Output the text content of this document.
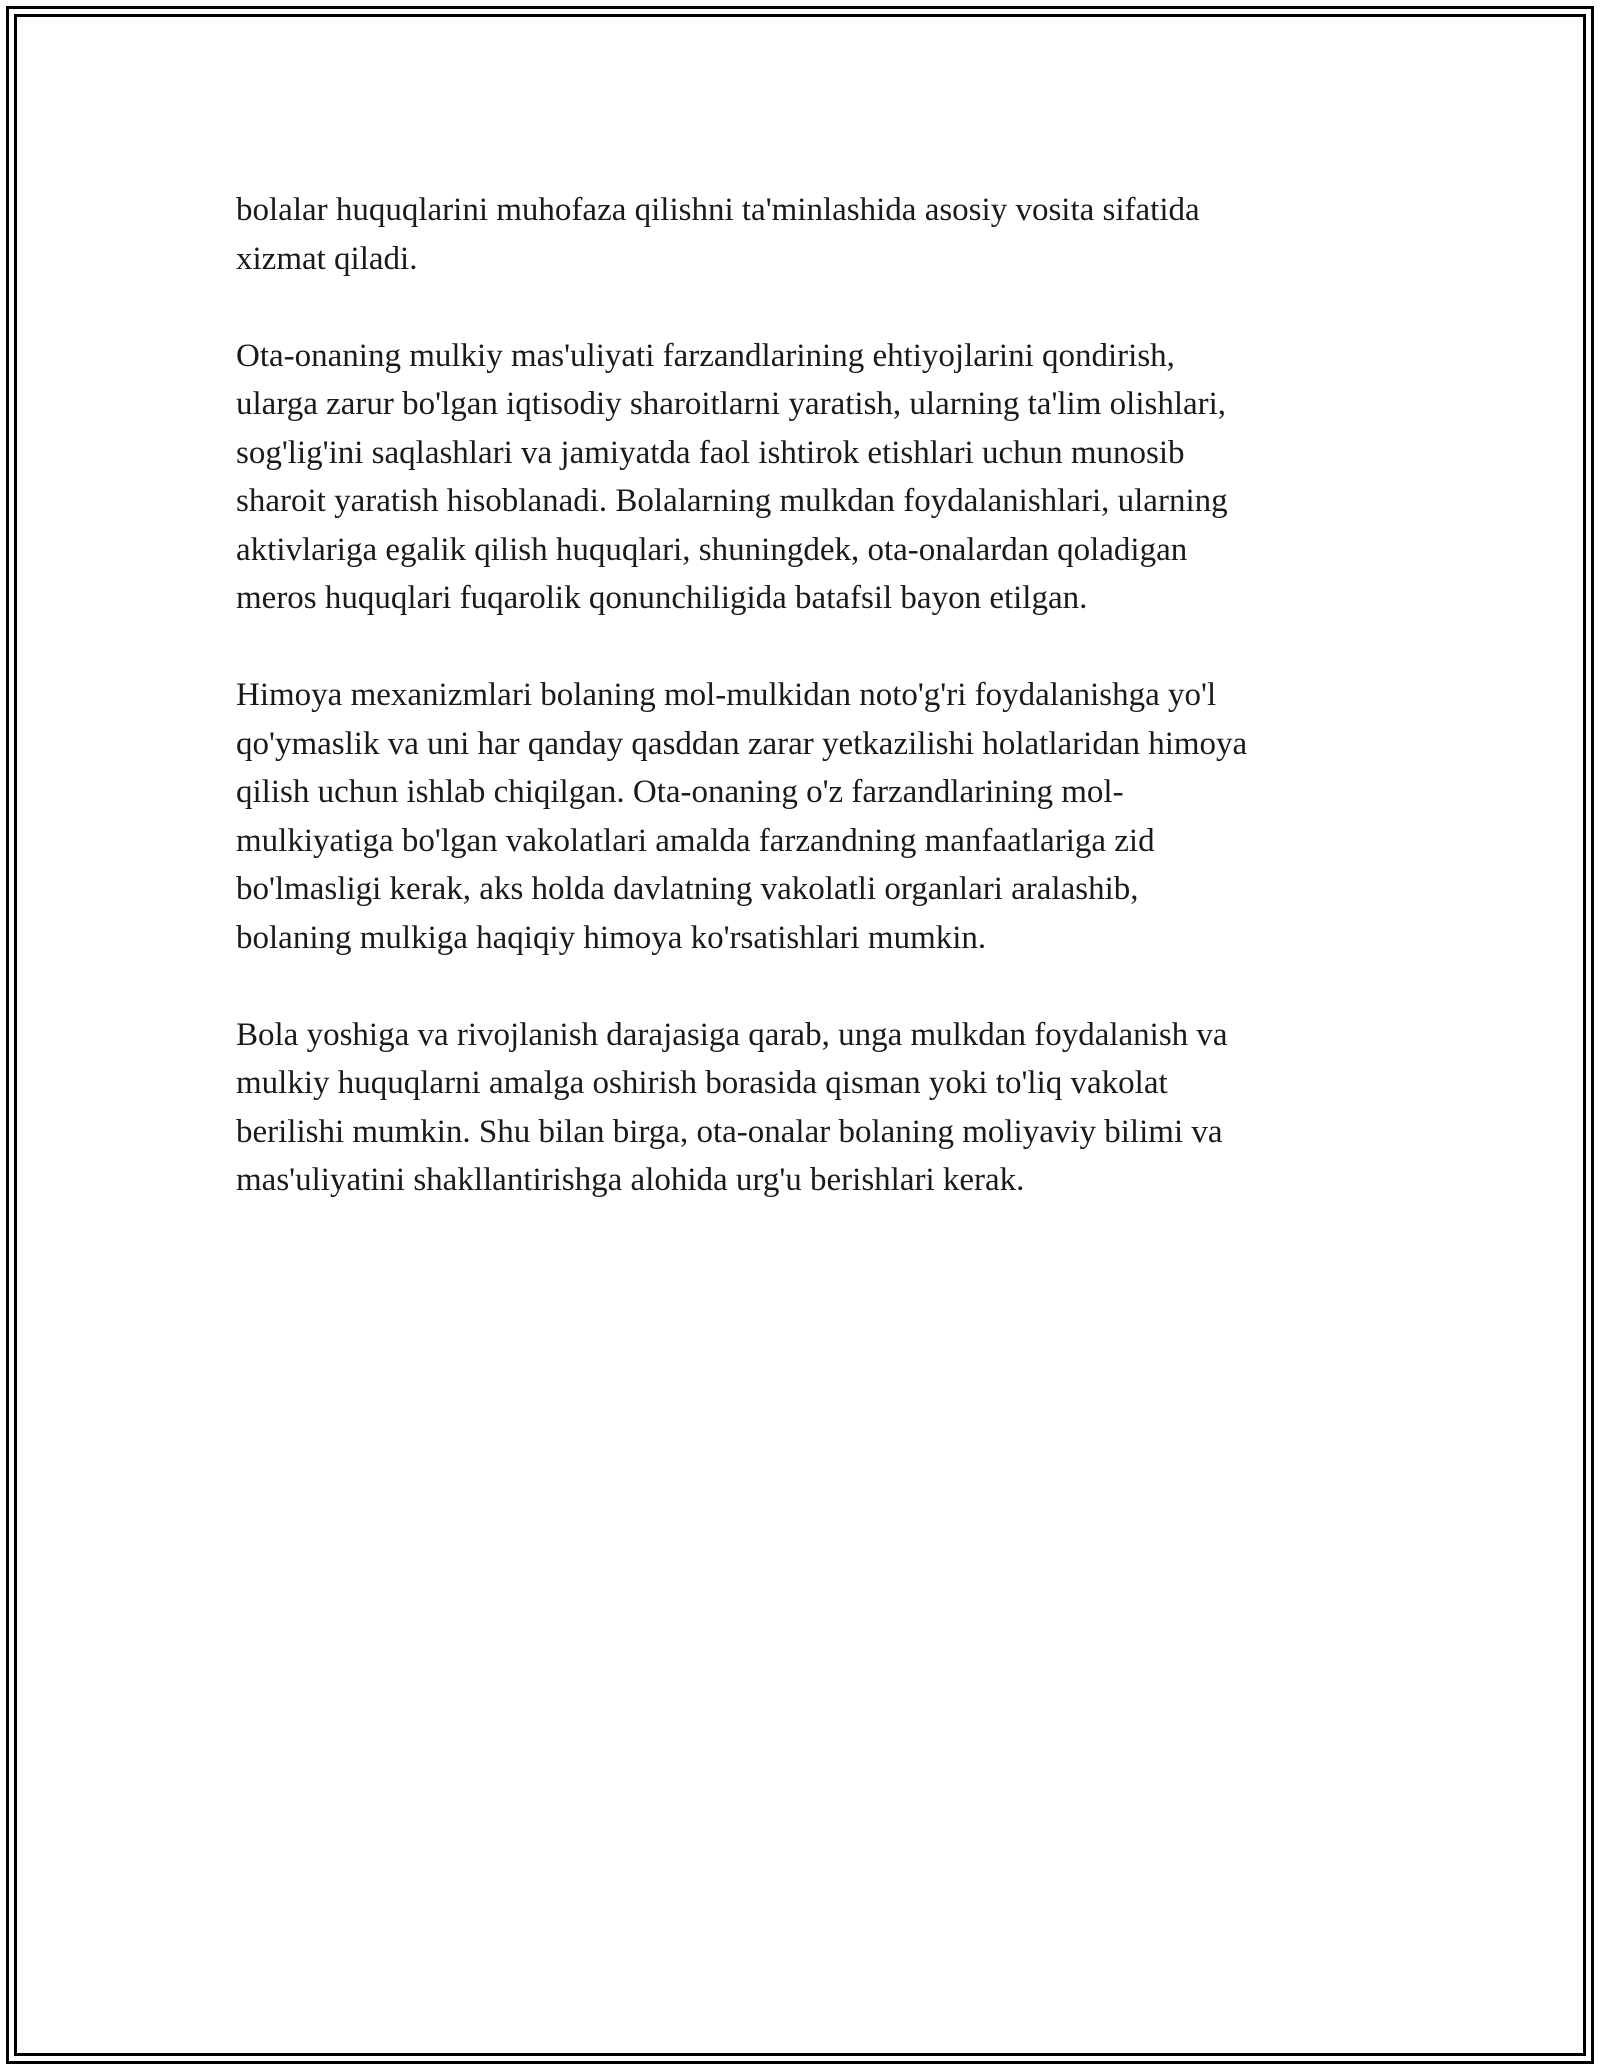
bolalar huquqlarini muhofaza qilishni ta'minlashida asosiy vosita sifatida
xizmat qiladi.

Ota-onaning mulkiy mas'uliyati farzandlarining ehtiyojlarini qondirish,
ularga zarur bo'lgan iqtisodiy sharoitlarni yaratish, ularning ta'lim olishlari,
sog'lig'ini saqlashlari va jamiyatda faol ishtirok etishlari uchun munosib
sharoit yaratish hisoblanadi. Bolalarning mulkdan foydalanishlari, ularning
aktivlariga egalik qilish huquqlari, shuningdek, ota-onalardan qoladigan
meros huquqlari fuqarolik qonunchiligida batafsil bayon etilgan.

Himoya mexanizmlari bolaning mol-mulkidan noto'g'ri foydalanishga yo'l
qo'ymaslik va uni har qanday qasddan zarar yetkazilishi holatlaridan himoya
qilish uchun ishlab chiqilgan. Ota-onaning o'z farzandlarining mol-
mulkiyatiga bo'lgan vakolatlari amalda farzandning manfaatlariga zid
bo'lmasligi kerak, aks holda davlatning vakolatli organlari aralashib,
bolaning mulkiga haqiqiy himoya ko'rsatishlari mumkin.

Bola yoshiga va rivojlanish darajasiga qarab, unga mulkdan foydalanish va
mulkiy huquqlarni amalga oshirish borasida qisman yoki to'liq vakolat
berilishi mumkin. Shu bilan birga, ota-onalar bolaning moliyaviy bilimi va
mas'uliyatini shakllantirishga alohida urg'u berishlari kerak.
